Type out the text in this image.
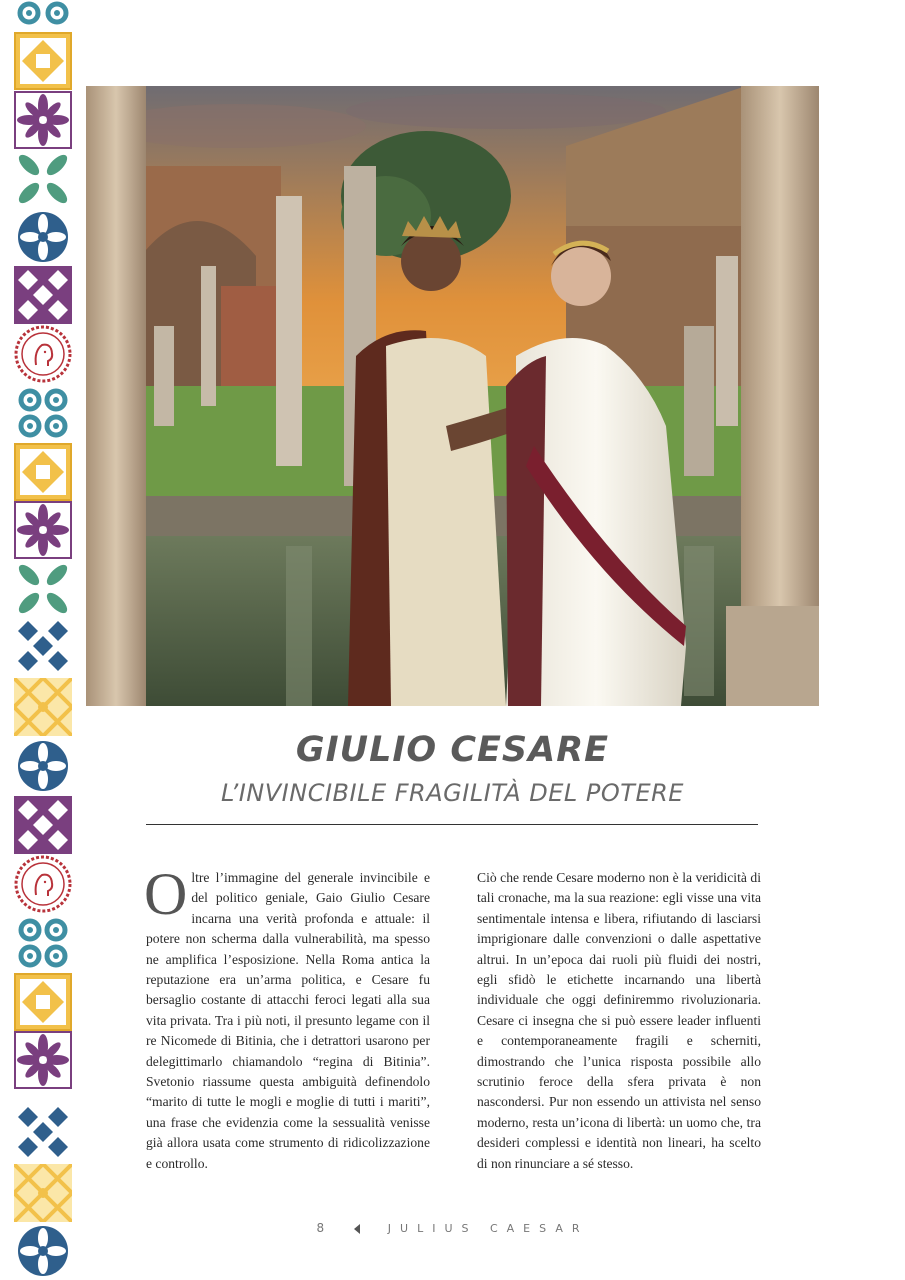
GIULIO CESARE
L’INVINCIBILE FRAGILITÀ DEL POTERE
O ltre l’immagine del generale invincibile e del politico geniale, Gaio Giulio Cesare incarna una verità profonda e attuale: il potere non scherma dalla vulnerabilità, ma spesso ne amplifica l’esposizione. Nella Roma antica la reputazione era un’arma politica, e Cesare fu bersaglio costante di attacchi feroci legati alla sua vita privata. Tra i più noti, il presunto legame con il re Nicomede di Bitinia, che i detrattori usarono per delegittimarlo chiamandolo “regina di Bitinia”. Svetonio riassume questa ambiguità definendolo “marito di tutte le mogli e moglie di tutti i mariti”, una frase che evidenzia come la sessualità venisse già allora usata come strumento di ridicolizzazione e controllo.
Ciò che rende Cesare moderno non è la veridicità di tali cronache, ma la sua reazione: egli visse una vita sentimentale intensa e libera, rifiutando di lasciarsi imprigionare dalle convenzioni o dalle aspettative altrui. In un’epoca dai ruoli più fluidi dei nostri, egli sfidò le etichette incarnando una libertà individuale che oggi definiremmo rivoluzionaria. Cesare ci insegna che si può essere leader influenti e contemporaneamente fragili e scherniti, dimostrando che l’unica risposta possibile allo scrutinio feroce della sfera privata è non nascondersi. Pur non essendo un attivista nel senso moderno, resta un’icona di libertà: un uomo che, tra desideri complessi e identità non lineari, ha scelto di non rinunciare a sé stesso.
8	JULIUS CAESAR
